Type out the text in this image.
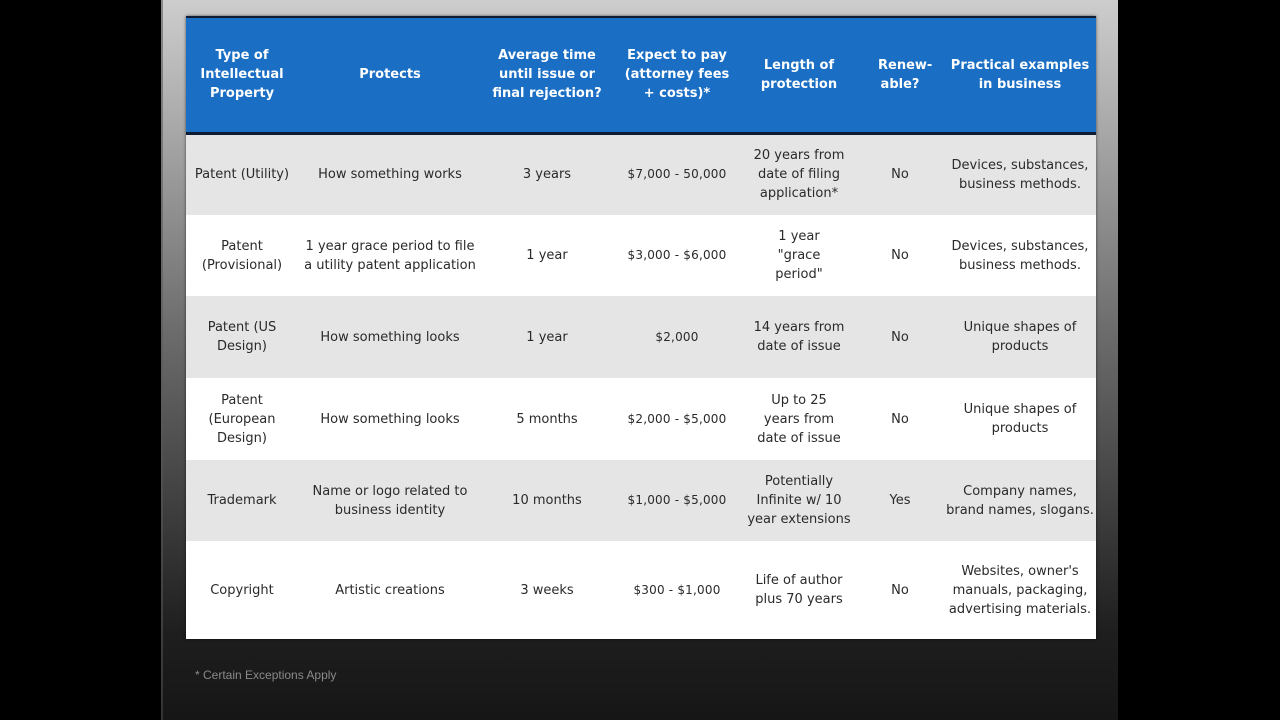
Type of Intellectual Property	Protects	Average time until issue or final rejection?	Expect to pay (attorney fees + costs)*	Length of protection	Renew-able?	Practical examples in business
Patent (Utility)	How something works	3 years	$7,000 - 50,000	20 years from date of filing application*	No	Devices, substances, business methods.
Patent (Provisional)	1 year grace period to file a utility patent application	1 year	$3,000 - $6,000	1 year "grace period"	No	Devices, substances, business methods.
Patent (US Design)	How something looks	1 year	$2,000	14 years from date of issue	No	Unique shapes of products
Patent (European Design)	How something looks	5 months	$2,000 - $5,000	Up to 25 years from date of issue	No	Unique shapes of products
Trademark	Name or logo related to business identity	10 months	$1,000 - $5,000	Potentially Infinite w/ 10 year extensions	Yes	Company names, brand names, slogans.
Copyright	Artistic creations	3 weeks	$300 - $1,000	Life of author plus 70 years	No	Websites, owner's manuals, packaging, advertising materials.
* Certain Exceptions Apply
